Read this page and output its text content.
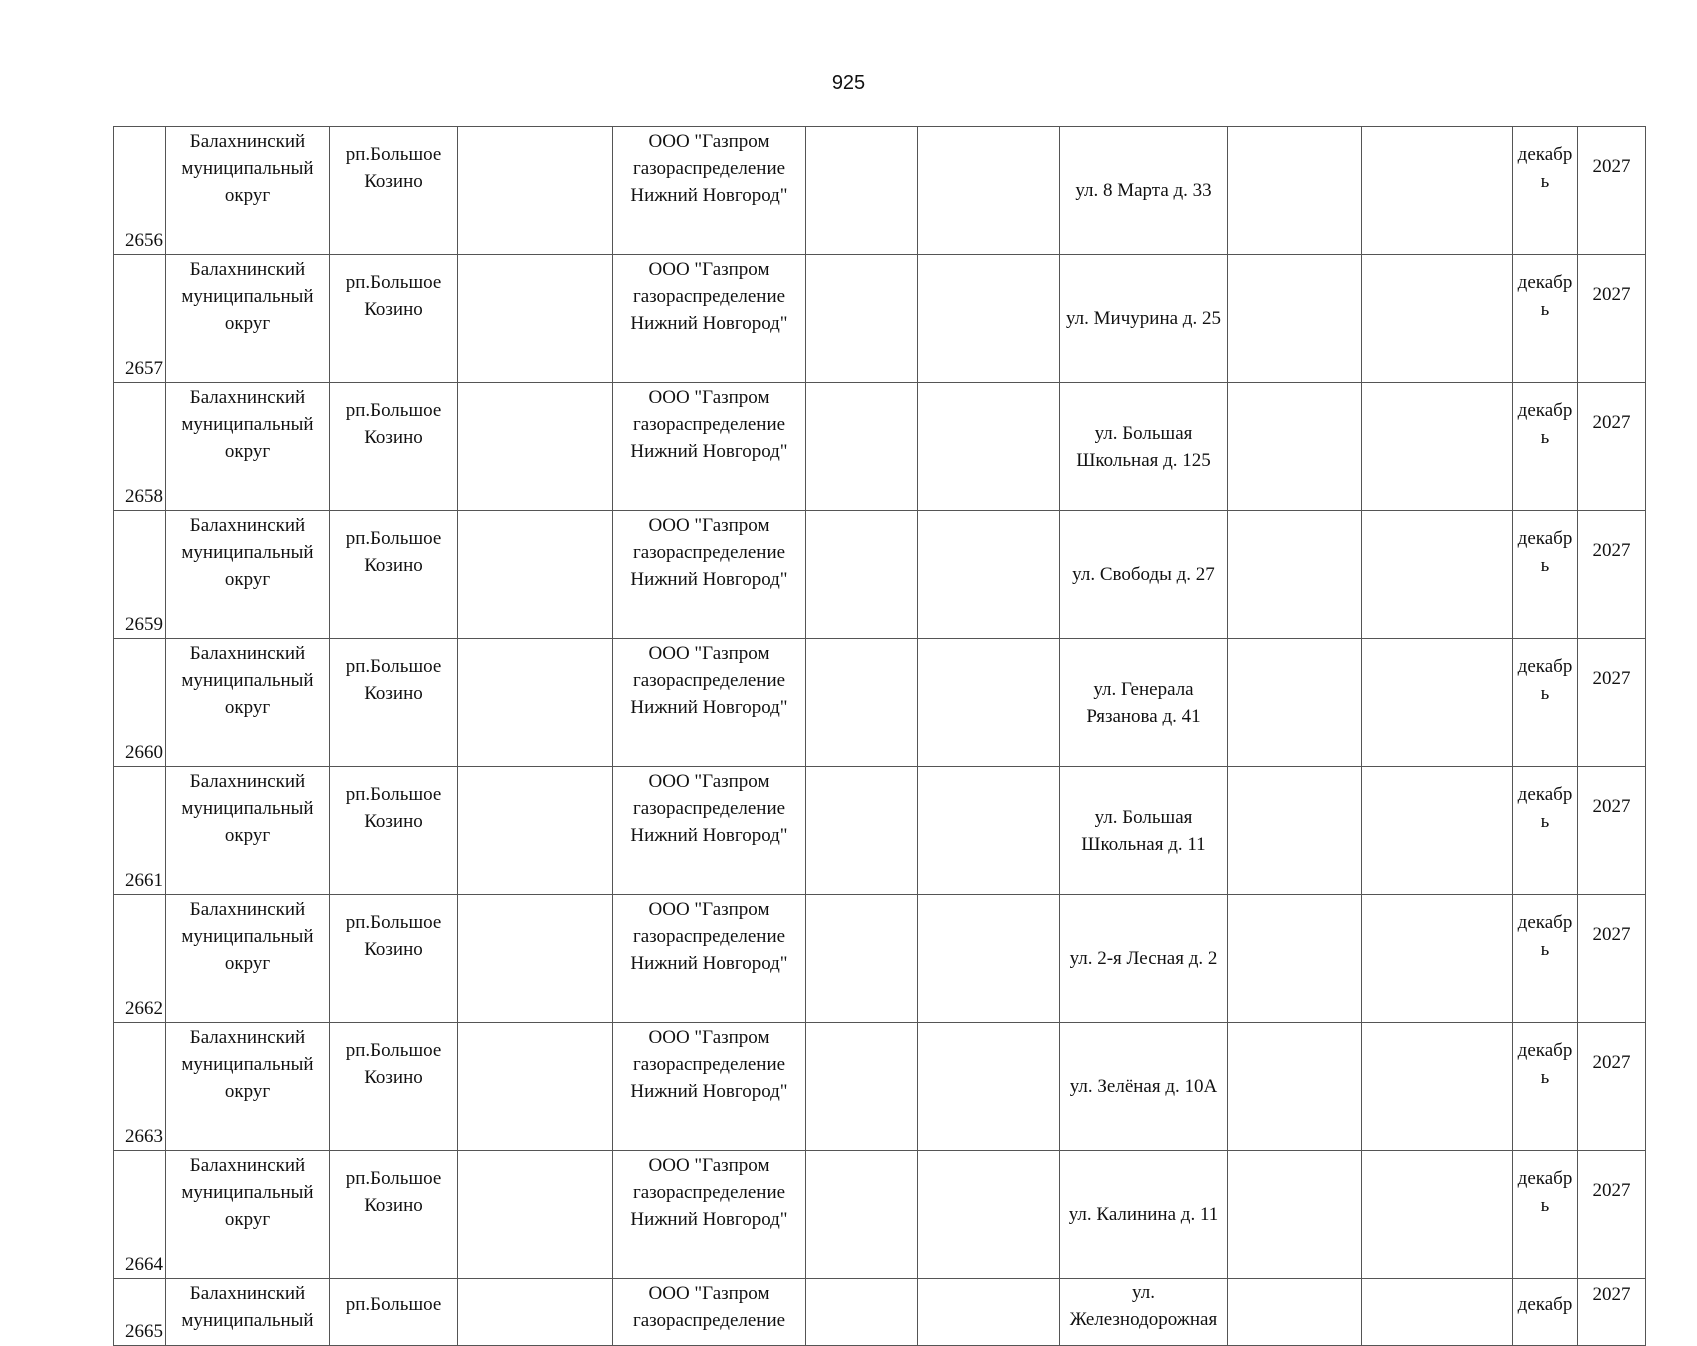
925
2656	Балахнинский муниципальный округ	рп.Большое Козино		ООО "Газпром газораспределение Нижний Новгород"			ул. 8 Марта д. 33			декабр ь	2027
2657	Балахнинский муниципальный округ	рп.Большое Козино		ООО "Газпром газораспределение Нижний Новгород"			ул. Мичурина д. 25			декабр ь	2027
2658	Балахнинский муниципальный округ	рп.Большое Козино		ООО "Газпром газораспределение Нижний Новгород"			ул. Большая Школьная д. 125			декабр ь	2027
2659	Балахнинский муниципальный округ	рп.Большое Козино		ООО "Газпром газораспределение Нижний Новгород"			ул. Свободы д. 27			декабр ь	2027
2660	Балахнинский муниципальный округ	рп.Большое Козино		ООО "Газпром газораспределение Нижний Новгород"			ул. Генерала Рязанова д. 41			декабр ь	2027
2661	Балахнинский муниципальный округ	рп.Большое Козино		ООО "Газпром газораспределение Нижний Новгород"			ул. Большая Школьная д. 11			декабр ь	2027
2662	Балахнинский муниципальный округ	рп.Большое Козино		ООО "Газпром газораспределение Нижний Новгород"			ул. 2-я Лесная д. 2			декабр ь	2027
2663	Балахнинский муниципальный округ	рп.Большое Козино		ООО "Газпром газораспределение Нижний Новгород"			ул. Зелёная д. 10А			декабр ь	2027
2664	Балахнинский муниципальный округ	рп.Большое Козино		ООО "Газпром газораспределение Нижний Новгород"			ул. Калинина д. 11			декабр ь	2027
2665	Балахнинский муниципальный	рп.Большое		ООО "Газпром газораспределение			ул. Железнодорожная			декабр	2027
